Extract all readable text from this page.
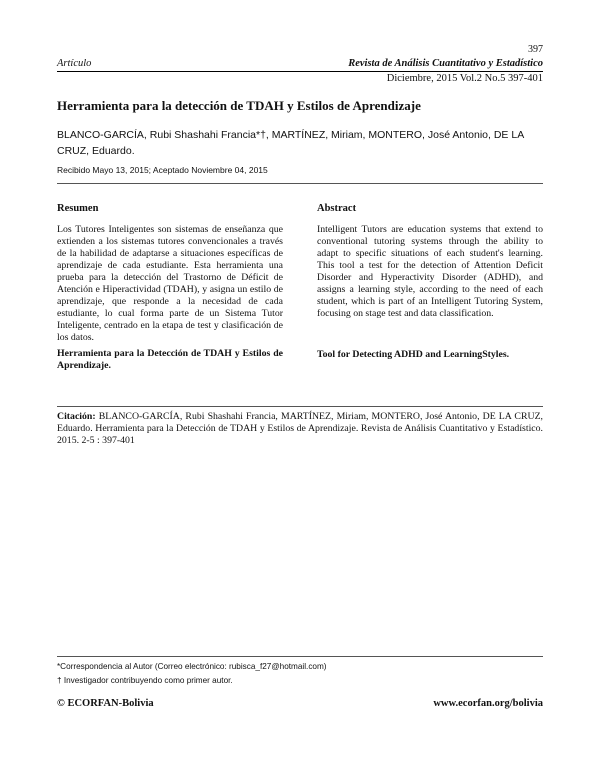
397
Artículo	Revista de Análisis Cuantitativo y Estadístico
Diciembre, 2015 Vol.2 No.5 397-401
Herramienta para la detección de TDAH y Estilos de Aprendizaje
BLANCO-GARCÍA, Rubi Shashahi Francia*†, MARTÍNEZ, Miriam, MONTERO, José Antonio, DE LA CRUZ, Eduardo.
Recibido Mayo 13, 2015; Aceptado Noviembre 04, 2015
Resumen
Los Tutores Inteligentes son sistemas de enseñanza que extienden a los sistemas tutores convencionales a través de la habilidad de adaptarse a situaciones específicas de aprendizaje de cada estudiante. Esta herramienta una prueba para la detección del Trastorno de Déficit de Atención e Hiperactividad (TDAH), y asigna un estilo de aprendizaje, que responde a la necesidad de cada estudiante, lo cual forma parte de un Sistema Tutor Inteligente, centrado en la etapa de test y clasificación de los datos.
Herramienta para la Detección de TDAH y Estilos de Aprendizaje.
Abstract
Intelligent Tutors are education systems that extend to conventional tutoring systems through the ability to adapt to specific situations of each student's learning. This tool a test for the detection of Attention Deficit Disorder and Hyperactivity Disorder (ADHD), and assigns a learning style, according to the need of each student, which is part of an Intelligent Tutoring System, focusing on stage test and data classification.
Tool for Detecting ADHD and LearningStyles.
Citación: BLANCO-GARCÍA, Rubi Shashahi Francia, MARTÍNEZ, Miriam, MONTERO, José Antonio, DE LA CRUZ, Eduardo. Herramienta para la Detección de TDAH y Estilos de Aprendizaje. Revista de Análisis Cuantitativo y Estadístico. 2015. 2-5 : 397-401
*Correspondencia al Autor (Correo electrónico: rubisca_f27@hotmail.com)
† Investigador contribuyendo como primer autor.
© ECORFAN-Bolivia	www.ecorfan.org/bolivia
